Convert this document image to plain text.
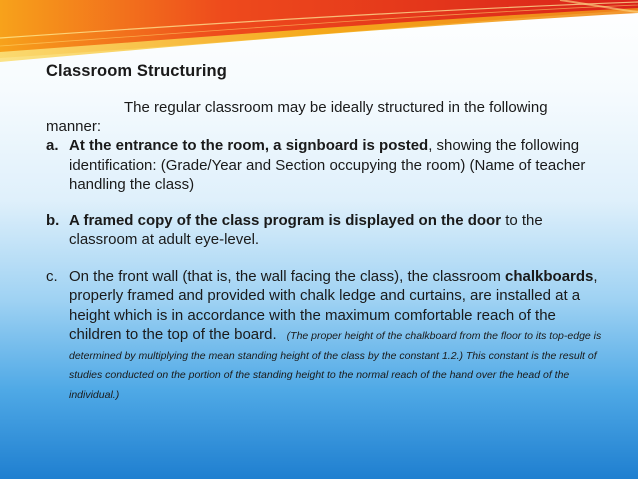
Classroom Structuring

The regular classroom may be ideally structured in the following manner:

a. At the entrance to the room, a signboard is posted, showing the following identification: (Grade/Year and Section occupying the room) (Name of teacher handling the class)
b. A framed copy of the class program is displayed on the door to the classroom at adult eye-level.
c. On the front wall (that is, the wall facing the class), the classroom chalkboards, properly framed and provided with chalk ledge and curtains, are installed at a height which is in accordance with the maximum comfortable reach of the children to the top of the board.   (The proper height of the chalkboard from the floor to its top-edge is determined by multiplying the mean standing height of the class by the constant 1.2.) This constant is the result of studies conducted on the portion of the standing height to the normal reach of the hand over the head of the individual.)
